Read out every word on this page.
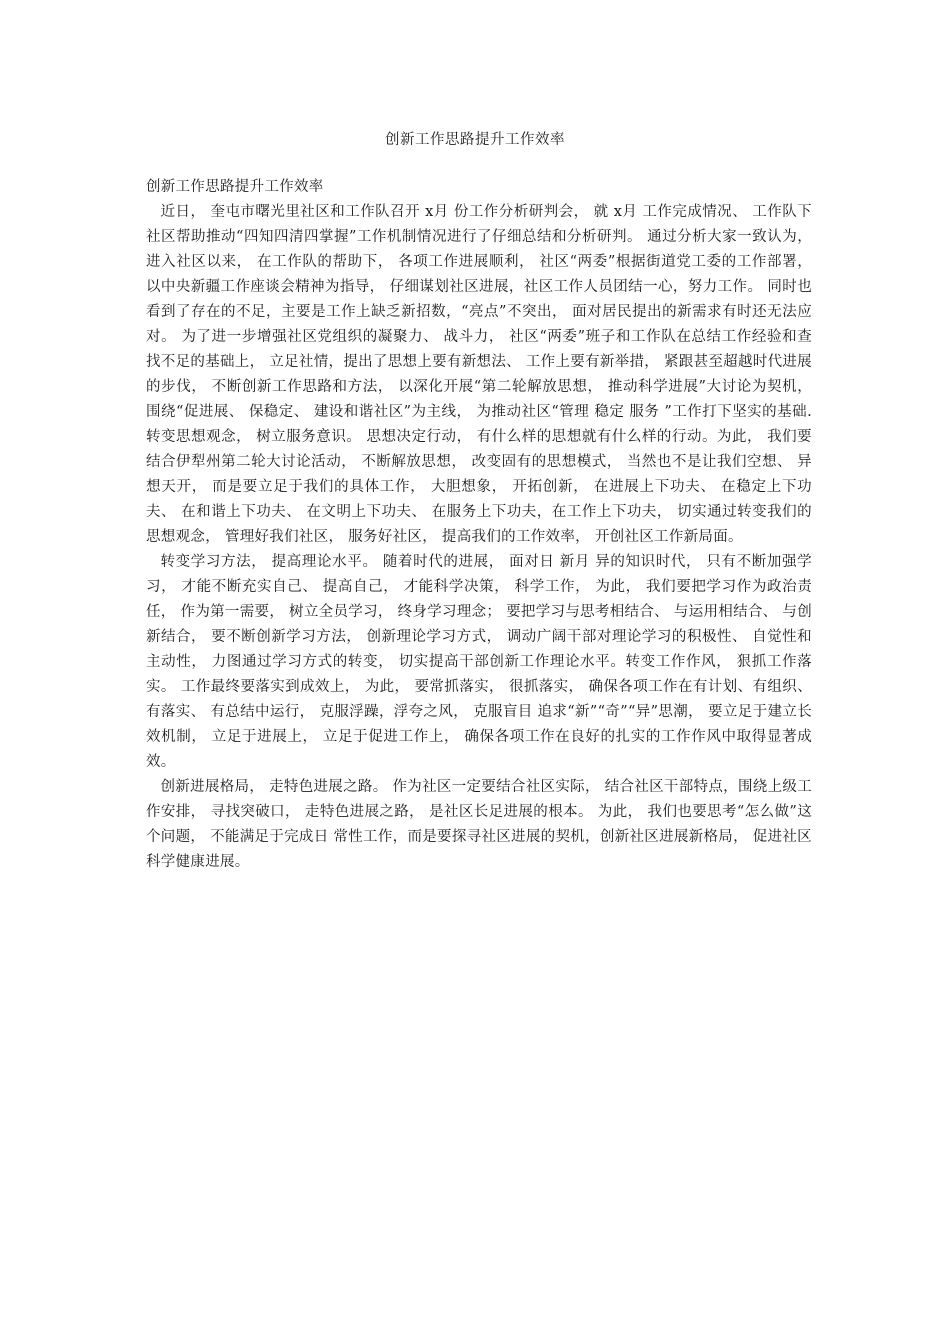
创新工作思路提升工作效率

创新工作思路提升工作效率

近日， 奎屯市曙光里社区和工作队召开 x月 份工作分析研判会， 就 x月 工作完成情况、 工作队下社区帮助推动“四知四清四掌握”工作机制情况进行了仔细总结和分析研判。 通过分析大家一致认为， 进入社区以来， 在工作队的帮助下， 各项工作进展顺利， 社区“两委”根据街道党工委的工作部署，以中央新疆工作座谈会精神为指导， 仔细谋划社区进展，社区工作人员团结一心，努力工作。 同时也看到了存在的不足，主要是工作上缺乏新招数，“亮点”不突出， 面对居民提出的新需求有时还无法应对。 为了进一步增强社区党组织的凝聚力、 战斗力， 社区“两委”班子和工作队在总结工作经验和查找不足的基础上， 立足社情，提出了思想上要有新想法、 工作上要有新举措， 紧跟甚至超越时代进展的步伐， 不断创新工作思路和方法， 以深化开展“第二轮解放思想， 推动科学进展”大讨论为契机， 围绕“促进展、 保稳定、 建设和谐社区”为主线， 为推动社区“管理 稳定 服务 ”工作打下坚实的基础.转变思想观念， 树立服务意识。 思想决定行动， 有什么样的思想就有什么样的行动。为此， 我们要结合伊犁州第二轮大讨论活动， 不断解放思想， 改变固有的思想模式， 当然也不是让我们空想、 异想天开， 而是要立足于我们的具体工作， 大胆想象， 开拓创新， 在进展上下功夫、 在稳定上下功夫、 在和谐上下功夫、 在文明上下功夫、 在服务上下功夫，在工作上下功夫， 切实通过转变我们的思想观念， 管理好我们社区， 服务好社区， 提高我们的工作效率， 开创社区工作新局面。

转变学习方法， 提高理论水平。 随着时代的进展， 面对日 新月 异的知识时代， 只有不断加强学习， 才能不断充实自己、 提高自己， 才能科学决策， 科学工作， 为此， 我们要把学习作为政治责任， 作为第一需要， 树立全员学习， 终身学习理念； 要把学习与思考相结合、 与运用相结合、 与创新结合， 要不断创新学习方法， 创新理论学习方式， 调动广阔干部对理论学习的积极性、 自觉性和主动性， 力图通过学习方式的转变， 切实提高干部创新工作理论水平。转变工作作风， 狠抓工作落实。 工作最终要落实到成效上， 为此， 要常抓落实， 很抓落实， 确保各项工作在有计划、有组织、 有落实、 有总结中运行， 克服浮躁，浮夸之风， 克服盲目 追求“新”“奇”“异”思潮， 要立足于建立长效机制， 立足于进展上， 立足于促进工作上， 确保各项工作在良好的扎实的工作作风中取得显著成效。

创新进展格局， 走特色进展之路。 作为社区一定要结合社区实际， 结合社区干部特点，围绕上级工作安排， 寻找突破口， 走特色进展之路， 是社区长足进展的根本。 为此， 我们也要思考“怎么做”这个问题， 不能满足于完成日 常性工作，而是要探寻社区进展的契机，创新社区进展新格局， 促进社区科学健康进展。
